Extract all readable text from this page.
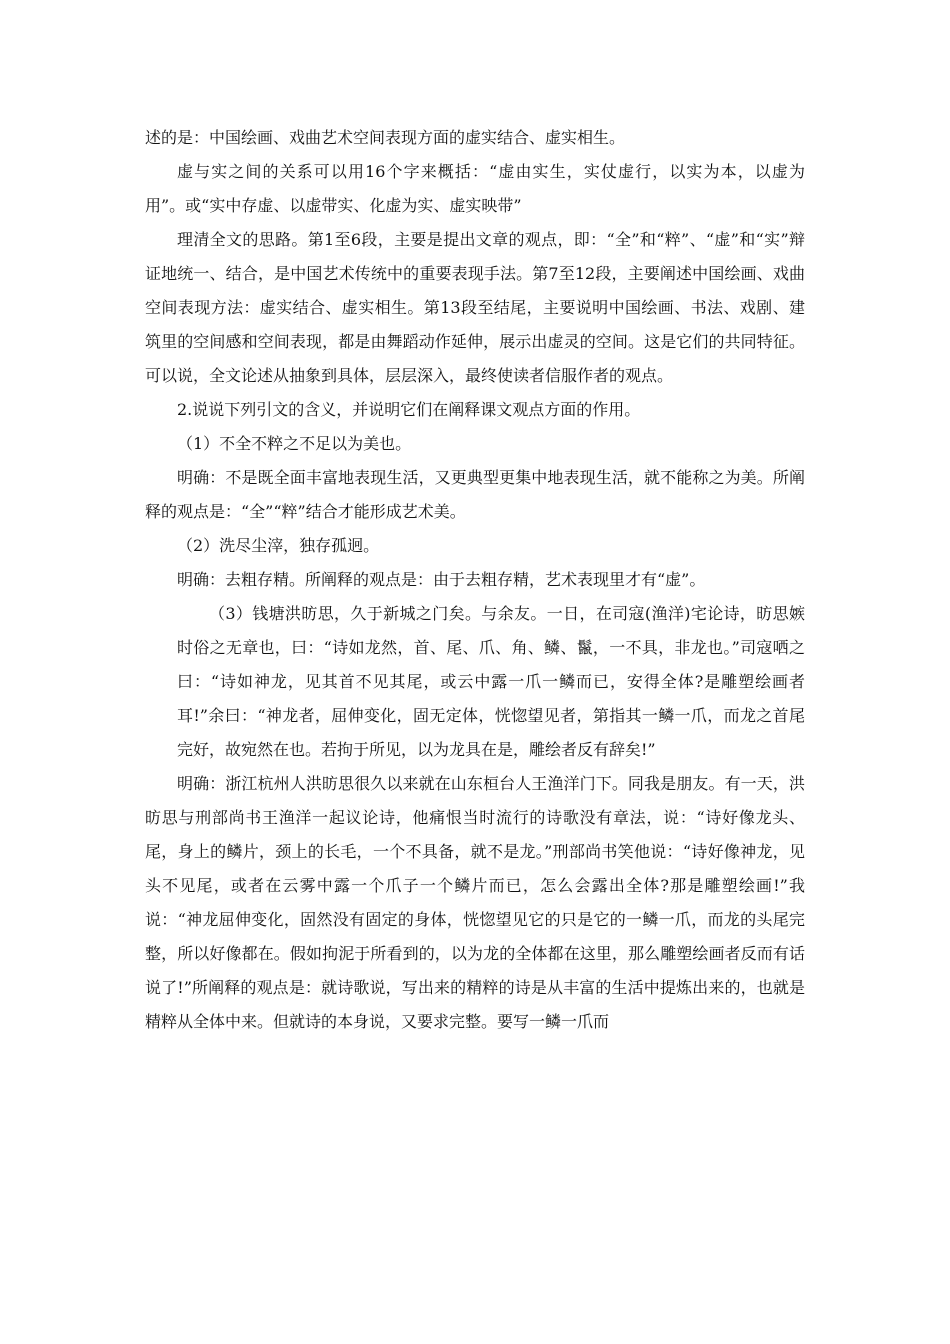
述的是：中国绘画、戏曲艺术空间表现方面的虚实结合、虚实相生。

虚与实之间的关系可以用16个字来概括：“虚由实生，实仗虚行，以实为本，以虚为用”。或“实中存虚、以虚带实、化虚为实、虚实映带”

理清全文的思路。第1至6段，主要是提出文章的观点，即：“全”和“粹”、“虚”和“实”辩证地统一、结合，是中国艺术传统中的重要表现手法。第7至12段，主要阐述中国绘画、戏曲空间表现方法：虚实结合、虚实相生。第13段至结尾，主要说明中国绘画、书法、戏剧、建筑里的空间感和空间表现，都是由舞蹈动作延伸，展示出虚灵的空间。这是它们的共同特征。可以说，全文论述从抽象到具体，层层深入，最终使读者信服作者的观点。

2.说说下列引文的含义，并说明它们在阐释课文观点方面的作用。

（1）不全不粹之不足以为美也。

明确：不是既全面丰富地表现生活，又更典型更集中地表现生活，就不能称之为美。所阐释的观点是：“全”“粹”结合才能形成艺术美。

（2）洗尽尘滓，独存孤迥。

明确：去粗存精。所阐释的观点是：由于去粗存精，艺术表现里才有“虚”。

（3）钱塘洪昉思，久于新城之门矣。与余友。一日，在司寇(渔洋)宅论诗，昉思嫉时俗之无章也，曰：“诗如龙然，首、尾、爪、角、鳞、鬣，一不具，非龙也。”司寇哂之曰：“诗如神龙，见其首不见其尾，或云中露一爪一鳞而已，安得全体?是雕塑绘画者耳!”余曰：“神龙者，屈伸变化，固无定体，恍惚望见者，第指其一鳞一爪，而龙之首尾完好，故宛然在也。若拘于所见，以为龙具在是，雕绘者反有辞矣!”

明确：浙江杭州人洪昉思很久以来就在山东桓台人王渔洋门下。同我是朋友。有一天，洪昉思与刑部尚书王渔洋一起议论诗，他痛恨当时流行的诗歌没有章法，说：“诗好像龙头、尾，身上的鳞片，颈上的长毛，一个不具备，就不是龙。”刑部尚书笑他说：“诗好像神龙，见头不见尾，或者在云雾中露一个爪子一个鳞片而已，怎么会露出全体?那是雕塑绘画!”我说：“神龙屈伸变化，固然没有固定的身体，恍惚望见它的只是它的一鳞一爪，而龙的头尾完整，所以好像都在。假如拘泥于所看到的，以为龙的全体都在这里，那么雕塑绘画者反而有话说了!”所阐释的观点是：就诗歌说，写出来的精粹的诗是从丰富的生活中提炼出来的，也就是精粹从全体中来。但就诗的本身说，又要求完整。要写一鳞一爪而
